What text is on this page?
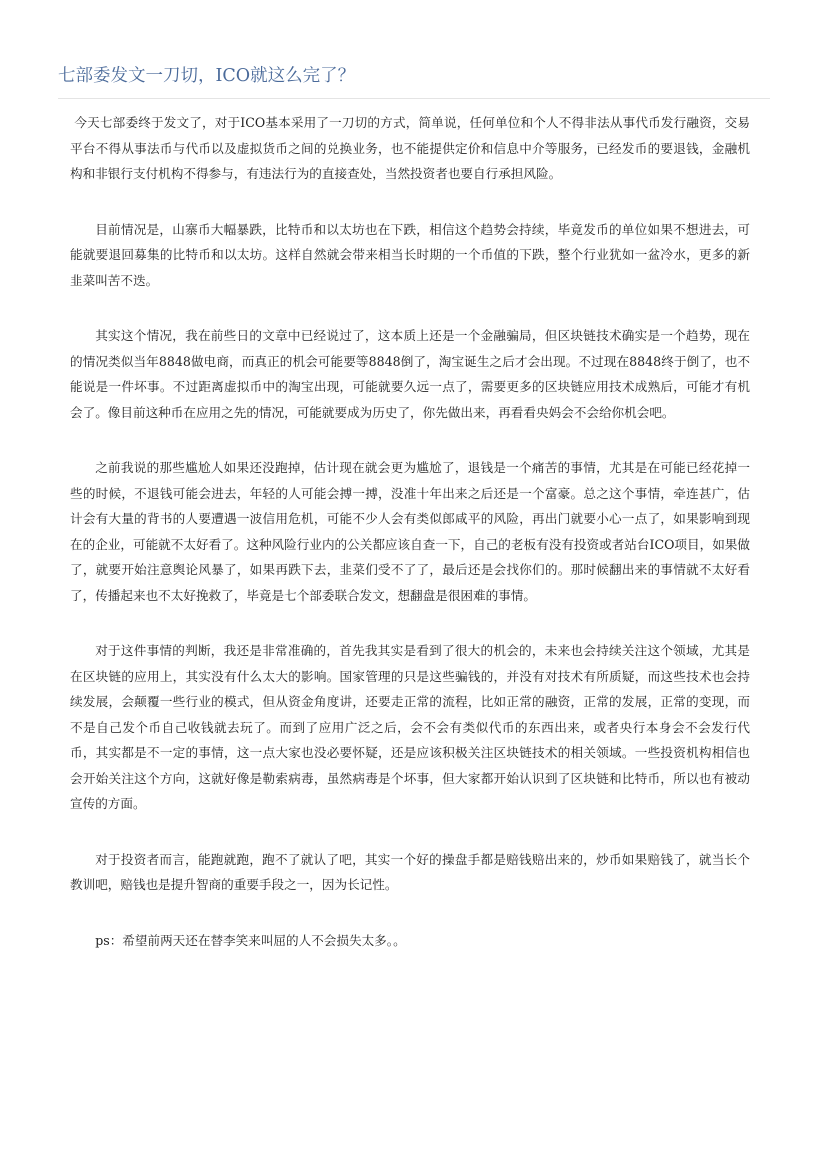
七部委发文一刀切，ICO就这么完了？

今天七部委终于发文了，对于ICO基本采用了一刀切的方式，简单说，任何单位和个人不得非法从事代币发行融资，交易平台不得从事法币与代币以及虚拟货币之间的兑换业务，也不能提供定价和信息中介等服务，已经发币的要退钱，金融机构和非银行支付机构不得参与，有违法行为的直接查处，当然投资者也要自行承担风险。

目前情况是，山寨币大幅暴跌，比特币和以太坊也在下跌，相信这个趋势会持续，毕竟发币的单位如果不想进去，可能就要退回募集的比特币和以太坊。这样自然就会带来相当长时期的一个币值的下跌，整个行业犹如一盆冷水，更多的新韭菜叫苦不迭。

其实这个情况，我在前些日的文章中已经说过了，这本质上还是一个金融骗局，但区块链技术确实是一个趋势，现在的情况类似当年8848做电商，而真正的机会可能要等8848倒了，淘宝诞生之后才会出现。不过现在8848终于倒了，也不能说是一件坏事。不过距离虚拟币中的淘宝出现，可能就要久远一点了，需要更多的区块链应用技术成熟后，可能才有机会了。像目前这种币在应用之先的情况，可能就要成为历史了，你先做出来，再看看央妈会不会给你机会吧。

之前我说的那些尴尬人如果还没跑掉，估计现在就会更为尴尬了，退钱是一个痛苦的事情，尤其是在可能已经花掉一些的时候，不退钱可能会进去，年轻的人可能会搏一搏，没准十年出来之后还是一个富豪。总之这个事情，牵连甚广，估计会有大量的背书的人要遭遇一波信用危机，可能不少人会有类似郎咸平的风险，再出门就要小心一点了，如果影响到现在的企业，可能就不太好看了。这种风险行业内的公关都应该自查一下，自己的老板有没有投资或者站台ICO项目，如果做了，就要开始注意舆论风暴了，如果再跌下去，韭菜们受不了了，最后还是会找你们的。那时候翻出来的事情就不太好看了，传播起来也不太好挽救了，毕竟是七个部委联合发文，想翻盘是很困难的事情。

对于这件事情的判断，我还是非常准确的，首先我其实是看到了很大的机会的，未来也会持续关注这个领域，尤其是在区块链的应用上，其实没有什么太大的影响。国家管理的只是这些骗钱的，并没有对技术有所质疑，而这些技术也会持续发展，会颠覆一些行业的模式，但从资金角度讲，还要走正常的流程，比如正常的融资，正常的发展，正常的变现，而不是自己发个币自己收钱就去玩了。而到了应用广泛之后，会不会有类似代币的东西出来，或者央行本身会不会发行代币，其实都是不一定的事情，这一点大家也没必要怀疑，还是应该积极关注区块链技术的相关领域。一些投资机构相信也会开始关注这个方向，这就好像是勒索病毒，虽然病毒是个坏事，但大家都开始认识到了区块链和比特币，所以也有被动宣传的方面。

对于投资者而言，能跑就跑，跑不了就认了吧，其实一个好的操盘手都是赔钱赔出来的，炒币如果赔钱了，就当长个教训吧，赔钱也是提升智商的重要手段之一，因为长记性。

ps：希望前两天还在替李笑来叫屈的人不会损失太多。。
